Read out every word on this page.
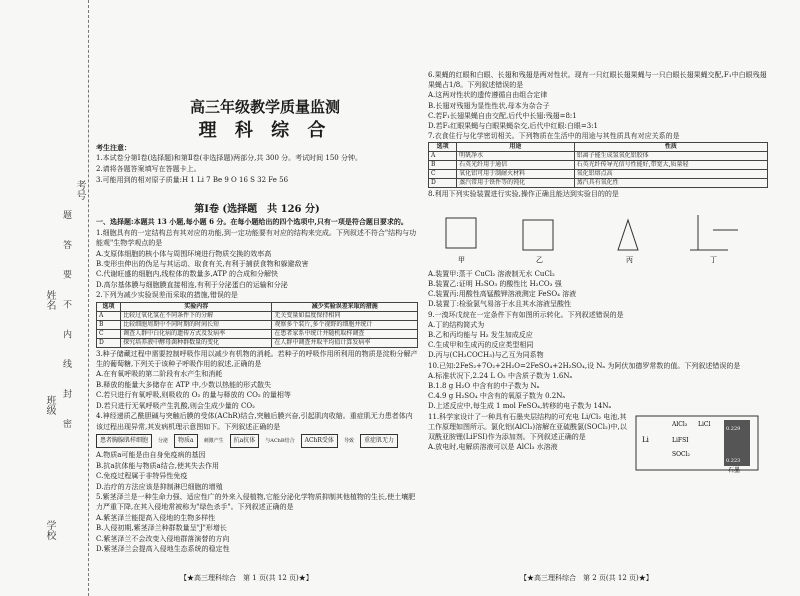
考号
姓名
班级
学校
题 答 要 不 内 线 封 密
高三年级教学质量监测
理 科 综 合

考生注意：

1.本试卷分第Ⅰ卷(选择题)和第Ⅱ卷(非选择题)两部分,共 300 分。考试时间 150 分钟。

2.请将各题答案填写在答题卡上。

3.可能用到的相对原子质量:H 1 Li 7 Be 9 O 16 S 32 Fe 56

第Ⅰ卷 (选择题　共 126 分)

一、选择题:本题共 13 小题,每小题 6 分。在每小题给出的四个选项中,只有一项是符合题目要求的。

1.细胞具有的一定结构总有其对应的功能,到一定功能要有对应的结构来完成。下列叙述不符合"结构与功能观"生物学观点的是

A.支原体细胞的核小体与周围环境进行物质交换的效率高

B.变形虫伸出的伪足与其运动、取食有关,有利于捕获食物和躲避敌害

C.代谢旺盛的细胞内,线粒体的数量多,ATP 的合成和分解快

D.高尔基体膜与细胞膜直接相连,有利于分泌蛋白的运输和分泌

2.下列为减少实验误差而采取的措施,错误的是

选项	实验内容	减少实验误差采取的措施
A	比较过氧化氢在不同条件下的分解	无关变量如温度保持相同
B	比较细胞周期中不同时期的时间长短	观察多个装片,多个视野的细胞并统计
C	调查人群中白化病的遗传方式及发病率	在患者家系中统计并随机取样调查
D	探究培养液中酵母菌种群数量的变化	在人群中调查并取平均值计算发病率

3.种子储藏过程中需要控制呼吸作用以减少有机物的消耗。若种子的呼吸作用所利用的物质是淀粉分解产生的葡萄糖,下列关于该种子呼吸作用的叙述,正确的是

A.在有氧呼吸的第二阶段有水产生和消耗

B.释放的能量大多储存在 ATP 中,少数以热能的形式散失

C.若只进行有氧呼吸,则吸收的 O₂ 的量与释放的 CO₂ 的量相等

D.若只进行无氧呼吸产生乳酸,则会生成少量的 CO₂

4.神经递质乙酰胆碱与突触后膜的受体(AChR)结合,突触后膜兴奋,引起肌肉收缩。重症肌无力患者体内该过程出现异常,其发病机理示意图如下。下列叙述正确的是

患者胸腺肌样细胞	分泌	物质a	刺激产生	抗a抗体	与AChR结合	AChR受体	导致	重症肌无力

A.物质a可能是由自身免疫病的基因

B.抗a抗体能与物质a结合,使其失去作用

C.免疫过程属于非特异性免疫

D.治疗的方法应该是抑制淋巴细胞的增殖

5.紫茎泽兰是一种生命力强、适应性广的外来入侵植物,它能分泌化学物质抑制其他植物的生长,使土壤肥力严重下降,在其入侵地常被称为"绿色杀手"。下列叙述正确的是

A.紫茎泽兰能提高入侵地的生物多样性

B.人侵初期,紫茎泽兰种群数量呈"J"形增长

C.紫茎泽兰不会改变入侵地群落演替的方向

D.紫茎泽兰会提高入侵地生态系统的稳定性

6.果蝇的红眼和白眼、长翅和残翅是两对性状。现有一只红眼长翅果蝇与一只白眼长翅果蝇交配,F₁中白眼残翅果蝇占1/8。下列叙述错误的是

A.这两对性状的遗传遵循自由组合定律

B.长翅对残翅为显性性状,母本为杂合子

C.若F₁长翅果蝇自由交配,后代中长翅:残翅=8:1

D.若F₁红眼果蝇与白眼果蝇杂交,后代中红眼:白眼=3:1

7.衣食住行与化学密切相关。下列物质在生活中的用途与其性质具有对应关系的是

选项	用途	性质
A	明矾净水	铝离子能生成氢氧化铝胶体
B	石英光纤用于通信	石英光纤传导光信号性能好,带宽大,质量轻
C	氧化铝可用于制耐火材料	氧化铝熔点高
D	蒸汽常用于铁件等的钝化	蒸汽具有氧化性

8.利用下列实验装置进行实验,操作正确且能达到实验目的的是

甲	乙	丙	丁

A.装置甲:蒸干 CuCl₂ 溶液制无水 CuCl₂

B.装置乙:证明 H₂SO₃ 的酸性比 H₂CO₃ 强

C.装置丙:用酸性高锰酸钾溶液测定 FeSO₄ 溶液

D.装置丁:检验氯气易溶于水且其水溶液呈酸性

9.一溴环戊烷在一定条件下有如图所示转化。下列叙述错误的是

A.丁的结构简式为

B.乙和丙均能与 H₂ 发生加成反应

C.生成甲和生成丙的反应类型相同

D.丙与(CH₃COCH₃)与乙互为同系物

10.已知:2FeS₂+7O₂+2H₂O=2FeSO₄+2H₂SO₄,设 Nₐ 为阿伏加德罗常数的值。下列叙述错误的是

A.标准状况下,2.24 L O₂ 中含质子数为 1.6Nₐ

B.1.8 g H₂O 中含有的中子数为 Nₐ

C.4.9 g H₂SO₄ 中含有的氧原子数为 0.2Nₐ

D.上述反应中,每生成 1 mol FeSO₄,转移的电子数为 14Nₐ

11.科学家设计了一种具有石墨夹层结构的可充电 Li/Cl₂ 电池,其工作原理如图所示。氯化铝(AlCl₃)溶解在亚硫酰氯(SOCl₂)中,以双酰亚胺锂(LiFSI)作为添加剂。下列叙述正确的是

A.放电时,电解质溶液可以是 AlCl₃ 水溶液

AlCl₃ LiCl
LiFSI
SOCl₂
Li
石墨
0.229
0.223
【★高三理科综合　第 1 页(共 12 页)★】	【★高三理科综合　第 2 页(共 12 页)★】
